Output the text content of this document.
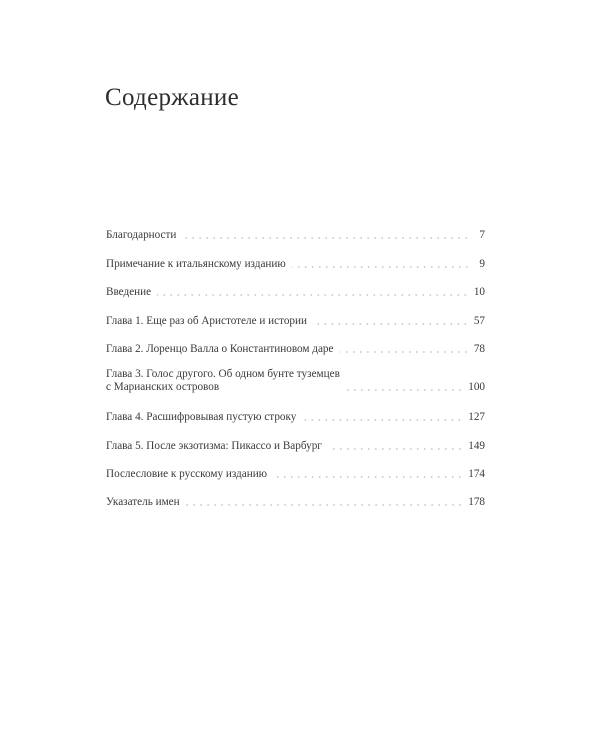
Содержание
Благодарности	7
Примечание к итальянскому изданию	9
Введение	10
Глава 1. Еще раз об Аристотеле и истории	57
Глава 2. Лоренцо Валла о Константиновом даре	78
Глава 3. Голос другого. Об одном бунте туземцев
с Марианских островов	100
Глава 4. Расшифровывая пустую строку	127
Глава 5. После экзотизма: Пикассо и Варбург	149
Послесловие к русскому изданию	174
Указатель имен	178
